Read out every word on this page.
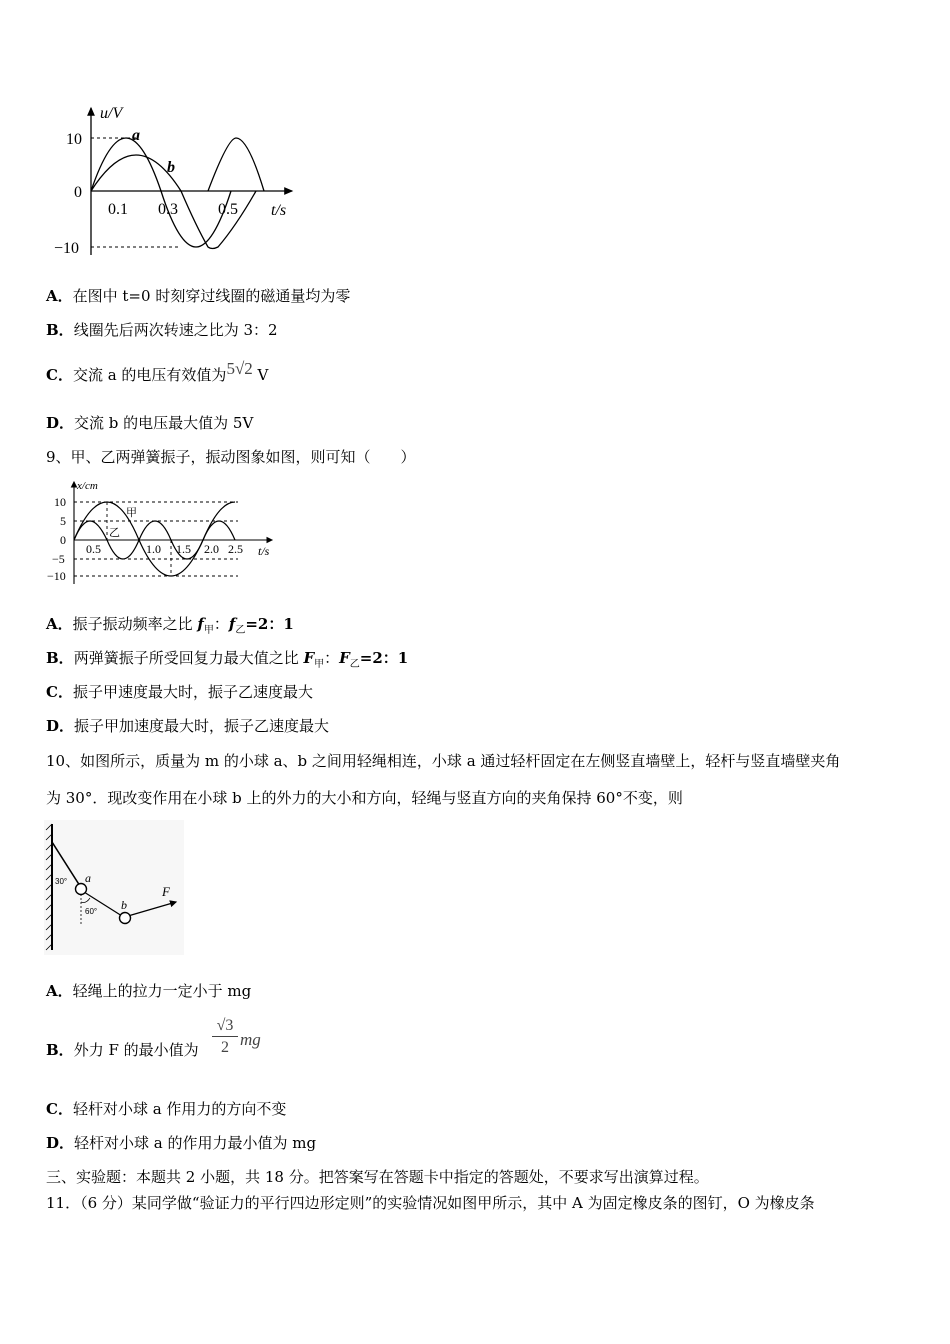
u/V
t/s
10
0
−10
0.1 0.3	0.5
a
b
A．在图中 t=0 时刻穿过线圈的磁通量均为零
B．线圈先后两次转速之比为 3：2
C．交流 a 的电压有效值为5√2 V
D．交流 b 的电压最大值为 5V
9、甲、乙两弹簧振子，振动图象如图，则可知（　　）
x/cm
t/s
10
5
0
−5
−10
0.5	1.0 1.5 2.0 2.5
甲
乙
A．振子振动频率之比 $f_甲$：$f_乙=2$：1
B．两弹簧振子所受回复力最大值之比 $F_甲$：$F_乙=2$：1
C．振子甲速度最大时，振子乙速度最大
D．振子甲加速度最大时，振子乙速度最大
10、如图所示，质量为 m 的小球 a、b 之间用轻绳相连，小球 a 通过轻杆固定在左侧竖直墙壁上，轻杆与竖直墙壁夹角
为 30°．现改变作用在小球 b 上的外力的大小和方向，轻绳与竖直方向的夹角保持 60°不变，则
30°
60°
a
b
F
A．轻绳上的拉力一定小于 mg
B．外力 F 的最小值为
√3
2 mg
C．轻杆对小球 a 作用力的方向不变
D．轻杆对小球 a 的作用力最小值为 mg
三、实验题：本题共 2 小题，共 18 分。把答案写在答题卡中指定的答题处，不要求写出演算过程。
11．（6 分）某同学做“验证力的平行四边形定则”的实验情况如图甲所示，其中 A 为固定橡皮条的图钉，O 为橡皮条
